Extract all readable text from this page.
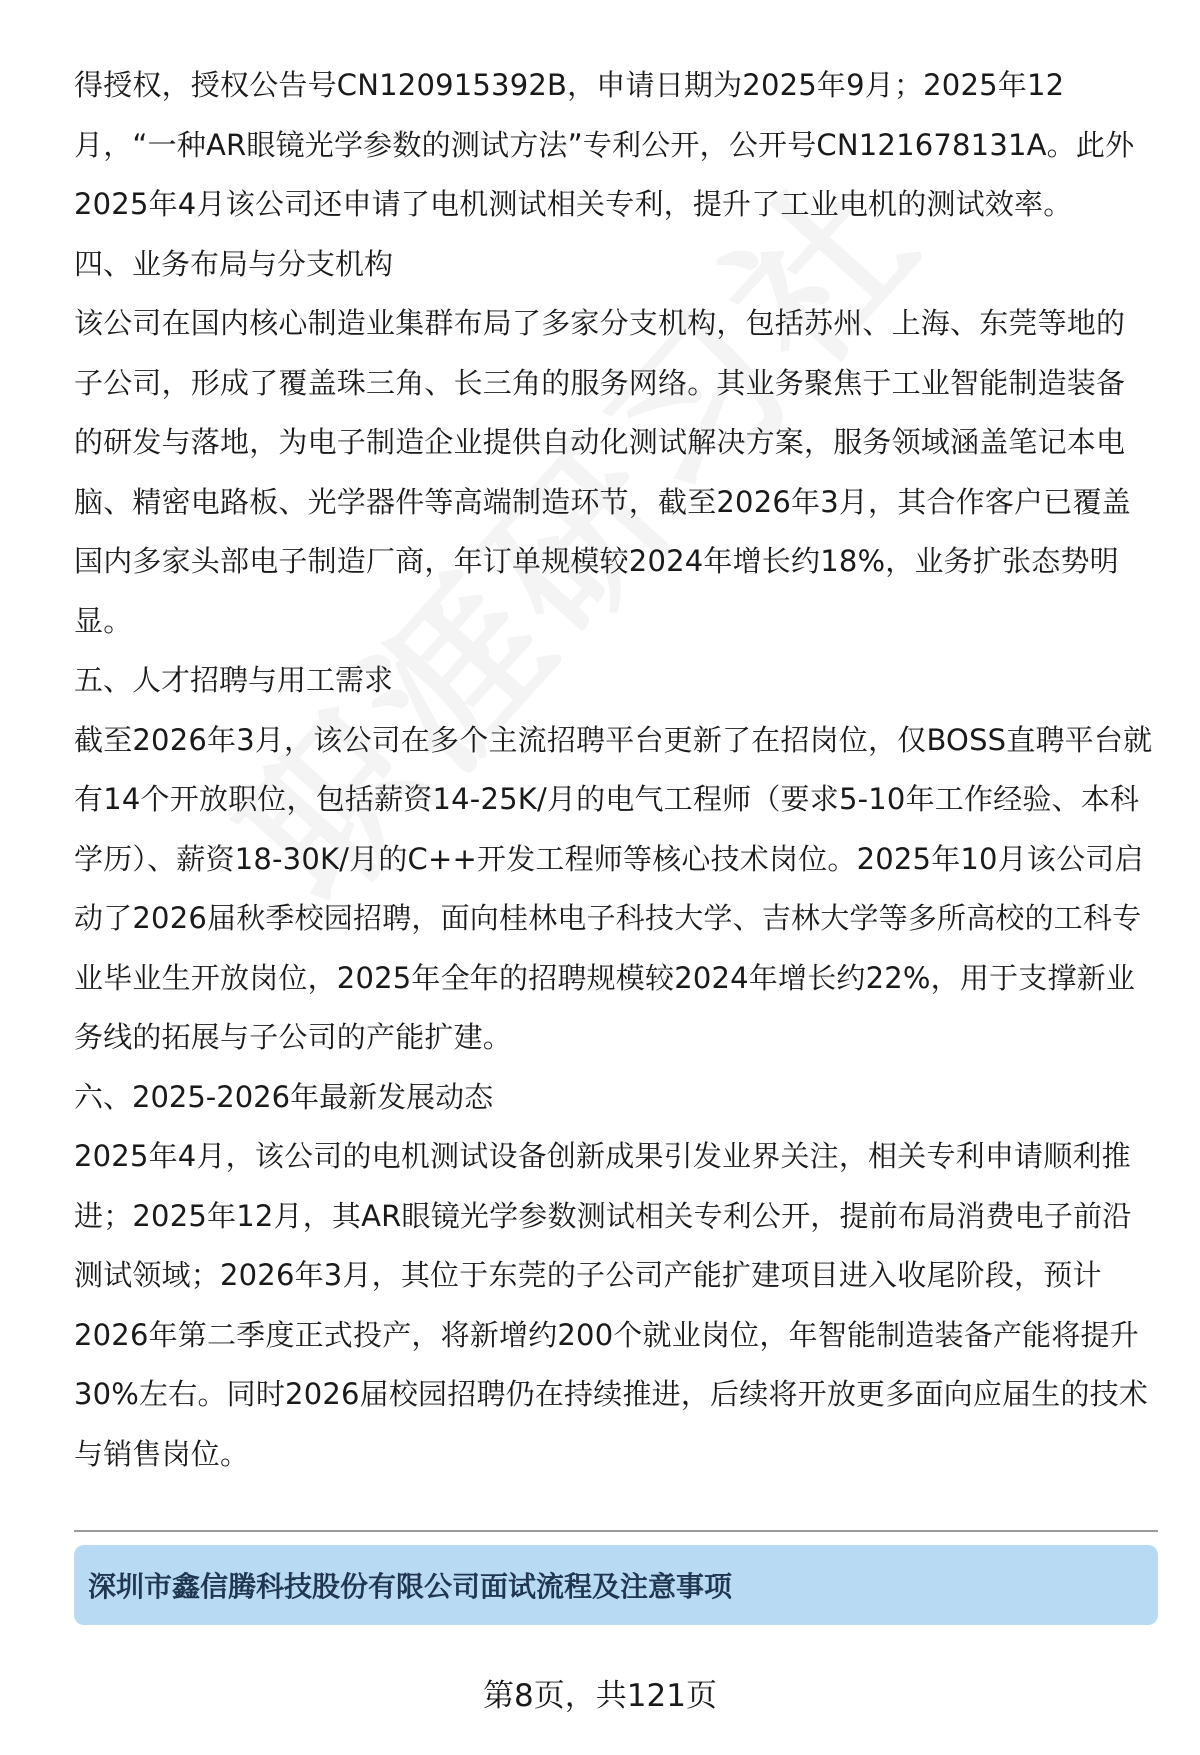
得授权，授权公告号CN120915392B，申请日期为2025年9月；2025年12月，“一种AR眼镜光学参数的测试方法”专利公开，公开号CN121678131A。此外2025年4月该公司还申请了电机测试相关专利，提升了工业电机的测试效率。

四、业务布局与分支机构

该公司在国内核心制造业集群布局了多家分支机构，包括苏州、上海、东莞等地的子公司，形成了覆盖珠三角、长三角的服务网络。其业务聚焦于工业智能制造装备的研发与落地，为电子制造企业提供自动化测试解决方案，服务领域涵盖笔记本电脑、精密电路板、光学器件等高端制造环节，截至2026年3月，其合作客户已覆盖国内多家头部电子制造厂商，年订单规模较2024年增长约18%，业务扩张态势明显。

五、人才招聘与用工需求

截至2026年3月，该公司在多个主流招聘平台更新了在招岗位，仅BOSS直聘平台就有14个开放职位，包括薪资14-25K/月的电气工程师（要求5-10年工作经验、本科学历）、薪资18-30K/月的C++开发工程师等核心技术岗位。2025年10月该公司启动了2026届秋季校园招聘，面向桂林电子科技大学、吉林大学等多所高校的工科专业毕业生开放岗位，2025年全年的招聘规模较2024年增长约22%，用于支撑新业务线的拓展与子公司的产能扩建。

六、2025-2026年最新发展动态

2025年4月，该公司的电机测试设备创新成果引发业界关注，相关专利申请顺利推进；2025年12月，其AR眼镜光学参数测试相关专利公开，提前布局消费电子前沿测试领域；2026年3月，其位于东莞的子公司产能扩建项目进入收尾阶段，预计2026年第二季度正式投产，将新增约200个就业岗位，年智能制造装备产能将提升30%左右。同时2026届校园招聘仍在持续推进，后续将开放更多面向应届生的技术与销售岗位。

深圳市鑫信腾科技股份有限公司面试流程及注意事项
第8页，共121页
